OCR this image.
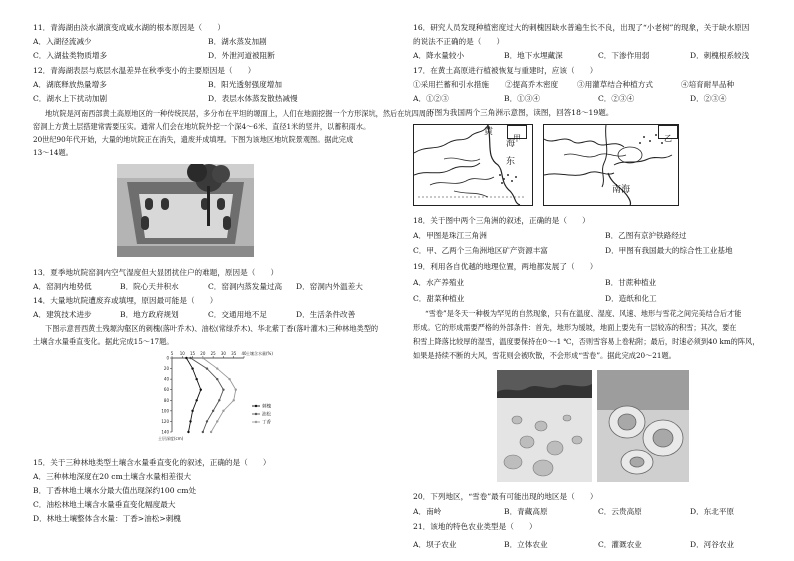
11．青海湖由淡水湖演变成咸水湖的根本原因是（　　）
A．入湖径流减少	B．湖水蒸发加剧
C．入湖盐类物质增多	D．外泄河道被阻断
12．青海湖表层与底层水温差异在秋季变小的主要原因是（　　）
A．湖底释放热量增多	B．阳光透射强度增加
C．湖水上下扰动加剧	D．表层水体蒸发散热减慢
地坑院是河南西部黄土高原地区的一种传统民居，多分布在平坦的塬面上，人们在地面挖掘一个方形深坑，然后在坑四周的
窑洞上方黄土层搭建常需要压实。通常人们会在地坑院外挖一个深4～6米、直径1米的竖井，以蓄积雨水。
20世纪90年代开始，大量的地坑院正在消失，遗废并成填埋。下图为该地区地坑院景观图。据此完成
13～14题。
13．夏季地坑院窑洞内空气湿度但大显团扰住户的难题，原因是（　　）
A．窑洞内地势低	B．院心天井积水	C．窑洞内蒸发量过高 D．窑洞内外温差大
14．大量地坑院遭废弃或填埋，原因最可能是（　　）
A．建筑技术进步	B．地方政府规划	C．交通用地不足	D．生活条件改善
下图示意晋西黄土残塬沟壑区的刺槐(落叶乔木)、油松(常绿乔木)、华北紫丁香(落叶灌木)三种林地类型的
土壤含水量垂直变化。据此完成15～17题。
5 10 15 20 25 30 35 40
0
20
40
60
80
100
120
140
土壤含水量(%)
土层深度(cm)
刺槐
油松
丁香
15．关于三种林地类型土壤含水量垂直变化的叙述，正确的是（　　）
A．三种林地深度在20 cm土壤含水量相差很大
B．丁香林地土壤水分最大值出现深约100 cm处
C．油松林地土壤含水量垂直变化幅度最大
D．林地土壤整体含水量：丁香>油松>刺槐
16．研究人员发现种植密度过大的刺槐因缺水普遍生长不良，出现了“小老树”的现象，关于缺水原因
的说法不正确的是（　　）
A．降水量较小	B．地下水埋藏深	C．下渗作用弱	D．刺槐根系较浅
17．在黄土高原进行植被恢复与重建时，应该（　　）
①采用拦蓄和引水措施 ②提高乔木密度 ③用灌草结合种植方式	④培育耐旱品种
A．①②③	B．①③④	C．②③④	D．②③④
下图为我国两个三角洲示意图，读图，回答18～19题。
黄
海
东
甲
南海
乙
18．关于图中两个三角洲的叙述，正确的是（　　）
A．甲图是珠江三角洲	B．乙图有京沪铁路经过
C．甲、乙两个三角洲地区矿产资源丰富	D．甲图有我国最大的综合性工业基地
19．利用各自优越的地理位置，两地都发展了（　　）
A．水产养殖业	B．甘蔗种植业
C．甜菜种植业	D．造纸和化工
“雪卷”是冬天一种极为罕见的自然现象，只有在温度、湿度、风速、地形与雪花之间完美结合后才能
形成。它的形成需要严格的外部条件：首先，地形为缓坡，地面上要先有一层较冻的积雪；其次，要在
积雪上降落比较厚的湿雪，温度要保持在0～-1 ℃，否则雪容易上卷粘附；最后，时速必须到40 km的阵风，
如果是持续不断的大风，雪花则会被吹散，不会形成“雪卷”。据此完成20～21题。
20．下列地区，“雪卷”最有可能出现的地区是（　　）
A．南岭	B．青藏高原	C．云贵高原	D．东北平原
21．该地的特色农业类型是（　　）
A．坝子农业	B．立体农业	C．灌溉农业	D．河谷农业
